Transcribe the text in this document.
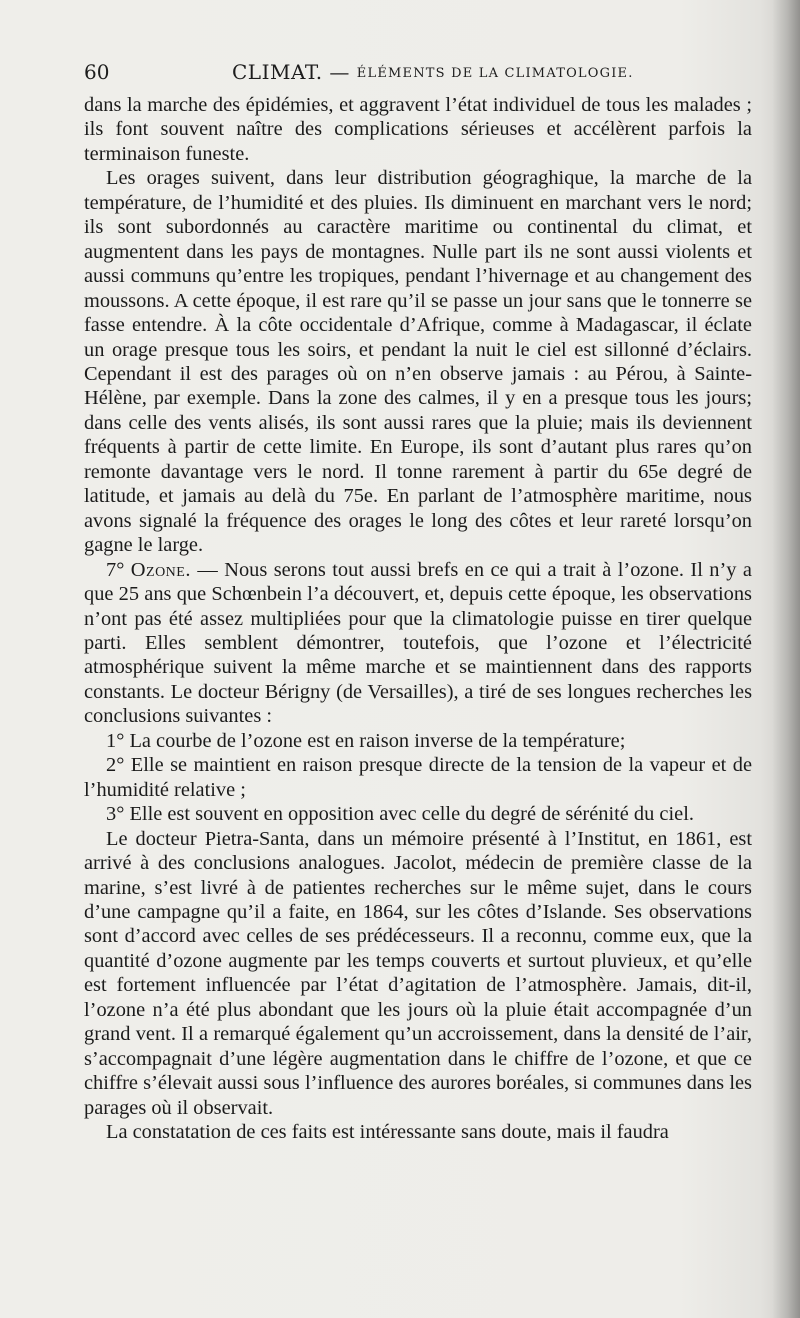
60	CLIMAT. — ÉLÉMENTS DE LA CLIMATOLOGIE.

dans la marche des épidémies, et aggravent l’état individuel de tous les malades ; ils font souvent naître des complications sérieuses et accélèrent parfois la terminaison funeste.

Les orages suivent, dans leur distribution géograghique, la marche de la température, de l’humidité et des pluies. Ils diminuent en marchant vers le nord; ils sont subordonnés au caractère maritime ou continental du climat, et augmentent dans les pays de montagnes. Nulle part ils ne sont aussi violents et aussi communs qu’entre les tropiques, pendant l’hivernage et au changement des moussons. A cette époque, il est rare qu’il se passe un jour sans que le tonnerre se fasse entendre. À la côte occidentale d’Afrique, comme à Madagascar, il éclate un orage presque tous les soirs, et pendant la nuit le ciel est sillonné d’éclairs. Cependant il est des parages où on n’en observe jamais : au Pérou, à Sainte-Hélène, par exemple. Dans la zone des calmes, il y en a presque tous les jours; dans celle des vents alisés, ils sont aussi rares que la pluie; mais ils deviennent fréquents à partir de cette limite. En Europe, ils sont d’autant plus rares qu’on remonte davantage vers le nord. Il tonne rarement à partir du 65e degré de latitude, et jamais au delà du 75e. En parlant de l’atmosphère maritime, nous avons signalé la fréquence des orages le long des côtes et leur rareté lorsqu’on gagne le large.

7° Ozone. — Nous serons tout aussi brefs en ce qui a trait à l’ozone. Il n’y a que 25 ans que Schœnbein l’a découvert, et, depuis cette époque, les observations n’ont pas été assez multipliées pour que la climatologie puisse en tirer quelque parti. Elles semblent démontrer, toutefois, que l’ozone et l’électricité atmosphérique suivent la même marche et se maintiennent dans des rapports constants. Le docteur Bérigny (de Versailles), a tiré de ses longues recherches les conclusions suivantes :

1° La courbe de l’ozone est en raison inverse de la température;

2° Elle se maintient en raison presque directe de la tension de la vapeur et de l’humidité relative ;

3° Elle est souvent en opposition avec celle du degré de sérénité du ciel.

Le docteur Pietra-Santa, dans un mémoire présenté à l’Institut, en 1861, est arrivé à des conclusions analogues. Jacolot, médecin de première classe de la marine, s’est livré à de patientes recherches sur le même sujet, dans le cours d’une campagne qu’il a faite, en 1864, sur les côtes d’Islande. Ses observations sont d’accord avec celles de ses prédécesseurs. Il a reconnu, comme eux, que la quantité d’ozone augmente par les temps couverts et surtout pluvieux, et qu’elle est fortement influencée par l’état d’agitation de l’atmosphère. Jamais, dit-il, l’ozone n’a été plus abondant que les jours où la pluie était accompagnée d’un grand vent. Il a remarqué également qu’un accroissement, dans la densité de l’air, s’accompagnait d’une légère augmentation dans le chiffre de l’ozone, et que ce chiffre s’élevait aussi sous l’influence des aurores boréales, si communes dans les parages où il observait.

La constatation de ces faits est intéressante sans doute, mais il faudra
